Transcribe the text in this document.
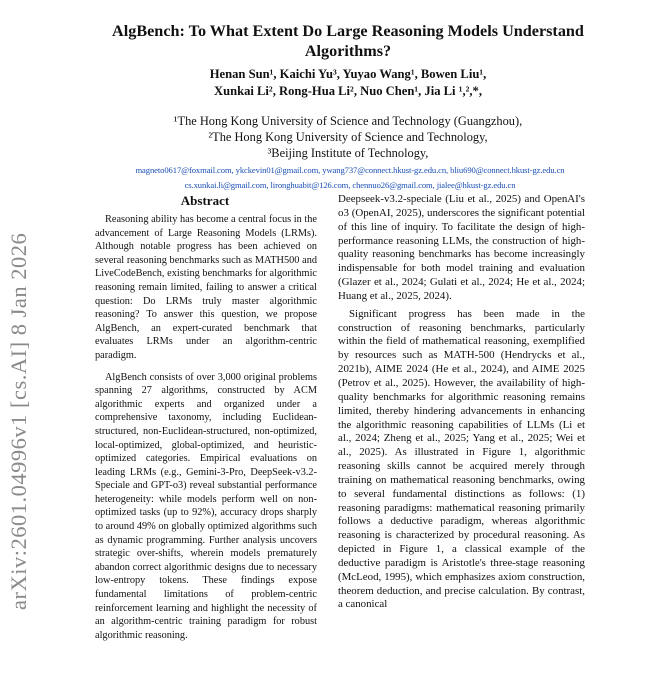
arXiv:2601.04996v1 [cs.AI] 8 Jan 2026
AlgBench: To What Extent Do Large Reasoning Models Understand Algorithms?
Henan Sun¹, Kaichi Yu³, Yuyao Wang¹, Bowen Liu¹,
Xunkai Li², Rong-Hua Li², Nuo Chen¹, Jia Li ¹,²,*,
¹The Hong Kong University of Science and Technology (Guangzhou),
²The Hong Kong University of Science and Technology,
³Beijing Institute of Technology,
magneto0617@foxmail.com, ykckevin01@gmail.com, ywang737@connect.hkust-gz.edu.cn, bliu690@connect.hkust-gz.edu.cn
cs.xunkai.li@gmail.com, lironghuabit@126.com, chennuo26@gmail.com, jialee@hkust-gz.edu.cn
Abstract

Reasoning ability has become a central focus in the advancement of Large Reasoning Models (LRMs). Although notable progress has been achieved on several reasoning benchmarks such as MATH500 and LiveCodeBench, existing benchmarks for algorithmic reasoning remain limited, failing to answer a critical question: Do LRMs truly master algorithmic reasoning? To answer this question, we propose AlgBench, an expert-curated benchmark that evaluates LRMs under an algorithm-centric paradigm.

AlgBench consists of over 3,000 original problems spanning 27 algorithms, constructed by ACM algorithmic experts and organized under a comprehensive taxonomy, including Euclidean-structured, non-Euclidean-structured, non-optimized, local-optimized, global-optimized, and heuristic-optimized categories. Empirical evaluations on leading LRMs (e.g., Gemini-3-Pro, DeepSeek-v3.2-Speciale and GPT-o3) reveal substantial performance heterogeneity: while models perform well on non-optimized tasks (up to 92%), accuracy drops sharply to around 49% on globally optimized algorithms such as dynamic programming. Further analysis uncovers strategic over-shifts, wherein models prematurely abandon correct algorithmic designs due to necessary low-entropy tokens. These findings expose fundamental limitations of problem-centric reinforcement learning and highlight the necessity of an algorithm-centric training paradigm for robust algorithmic reasoning.

Deepseek-v3.2-speciale (Liu et al., 2025) and OpenAI's o3 (OpenAI, 2025), underscores the significant potential of this line of inquiry. To facilitate the design of high-performance reasoning LLMs, the construction of high-quality reasoning benchmarks has become increasingly indispensable for both model training and evaluation (Glazer et al., 2024; Gulati et al., 2024; He et al., 2024; Huang et al., 2025, 2024).

Significant progress has been made in the construction of reasoning benchmarks, particularly within the field of mathematical reasoning, exemplified by resources such as MATH-500 (Hendrycks et al., 2021b), AIME 2024 (He et al., 2024), and AIME 2025 (Petrov et al., 2025). However, the availability of high-quality benchmarks for algorithmic reasoning remains limited, thereby hindering advancements in enhancing the algorithmic reasoning capabilities of LLMs (Li et al., 2024; Zheng et al., 2025; Yang et al., 2025; Wei et al., 2025). As illustrated in Figure 1, algorithmic reasoning skills cannot be acquired merely through training on mathematical reasoning benchmarks, owing to several fundamental distinctions as follows: (1) reasoning paradigms: mathematical reasoning primarily follows a deductive paradigm, whereas algorithmic reasoning is characterized by procedural reasoning. As depicted in Figure 1, a classical example of the deductive paradigm is Aristotle's three-stage reasoning (McLeod, 1995), which emphasizes axiom construction, theorem deduction, and precise calculation. By contrast, a canonical
